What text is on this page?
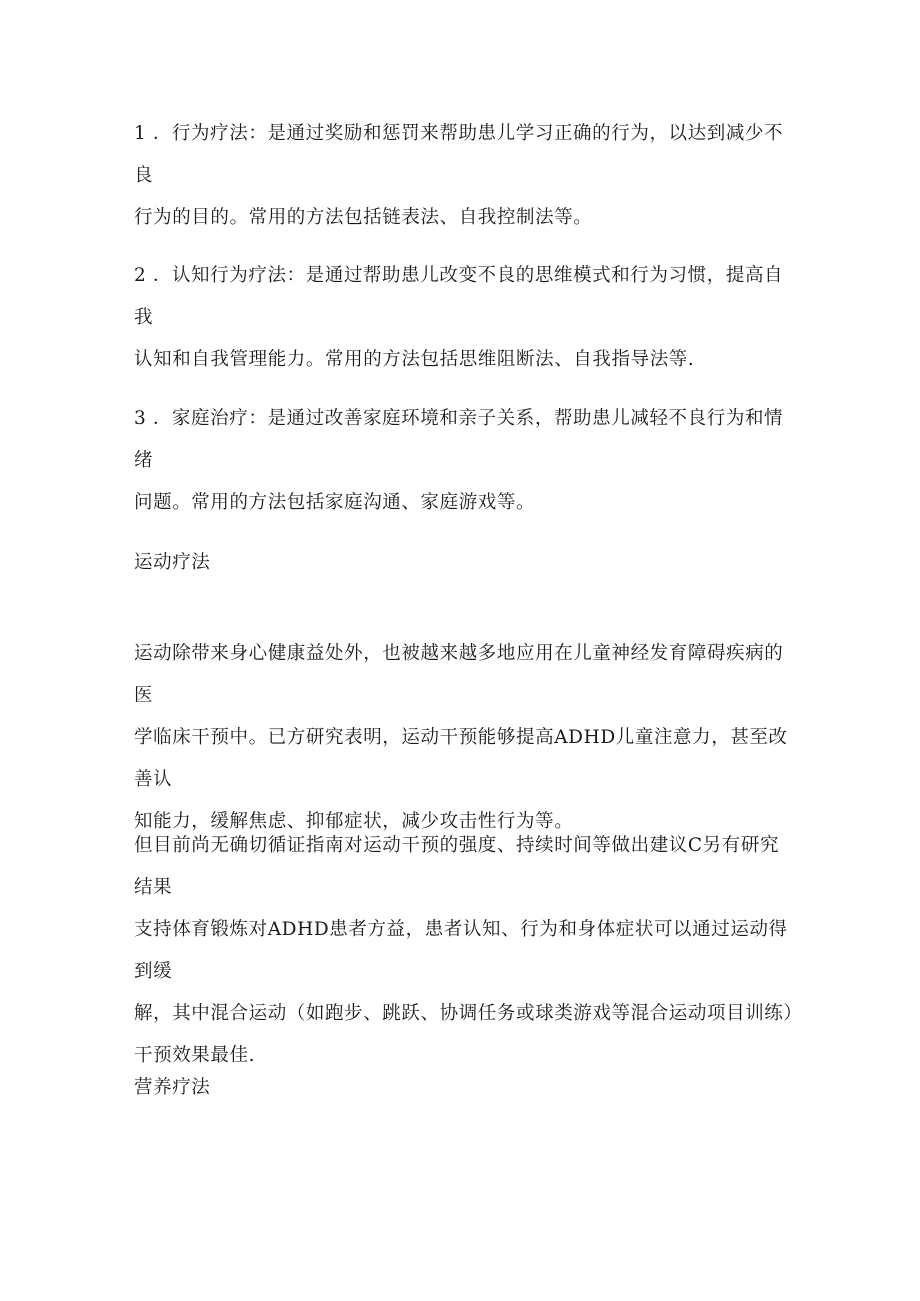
1 ．行为疗法：是通过奖励和惩罚来帮助患儿学习正确的行为，以达到减少不良
行为的目的。常用的方法包括链表法、自我控制法等。

2 ．认知行为疗法：是通过帮助患儿改变不良的思维模式和行为习惯，提高自我
认知和自我管理能力。常用的方法包括思维阻断法、自我指导法等.

3 ．家庭治疗：是通过改善家庭环境和亲子关系，帮助患儿减轻不良行为和情绪
问题。常用的方法包括家庭沟通、家庭游戏等。

运动疗法

运动除带来身心健康益处外，也被越来越多地应用在儿童神经发育障碍疾病的医
学临床干预中。已方研究表明，运动干预能够提高ADHD儿童注意力，甚至改善认
知能力，缓解焦虑、抑郁症状，减少攻击性行为等。

但目前尚无确切循证指南对运动干预的强度、持续时间等做出建议C另有研究结果
支持体育锻炼对ADHD患者方益，患者认知、行为和身体症状可以通过运动得到缓
解，其中混合运动（如跑步、跳跃、协调任务或球类游戏等混合运动项目训练）
干预效果最佳.

营养疗法
